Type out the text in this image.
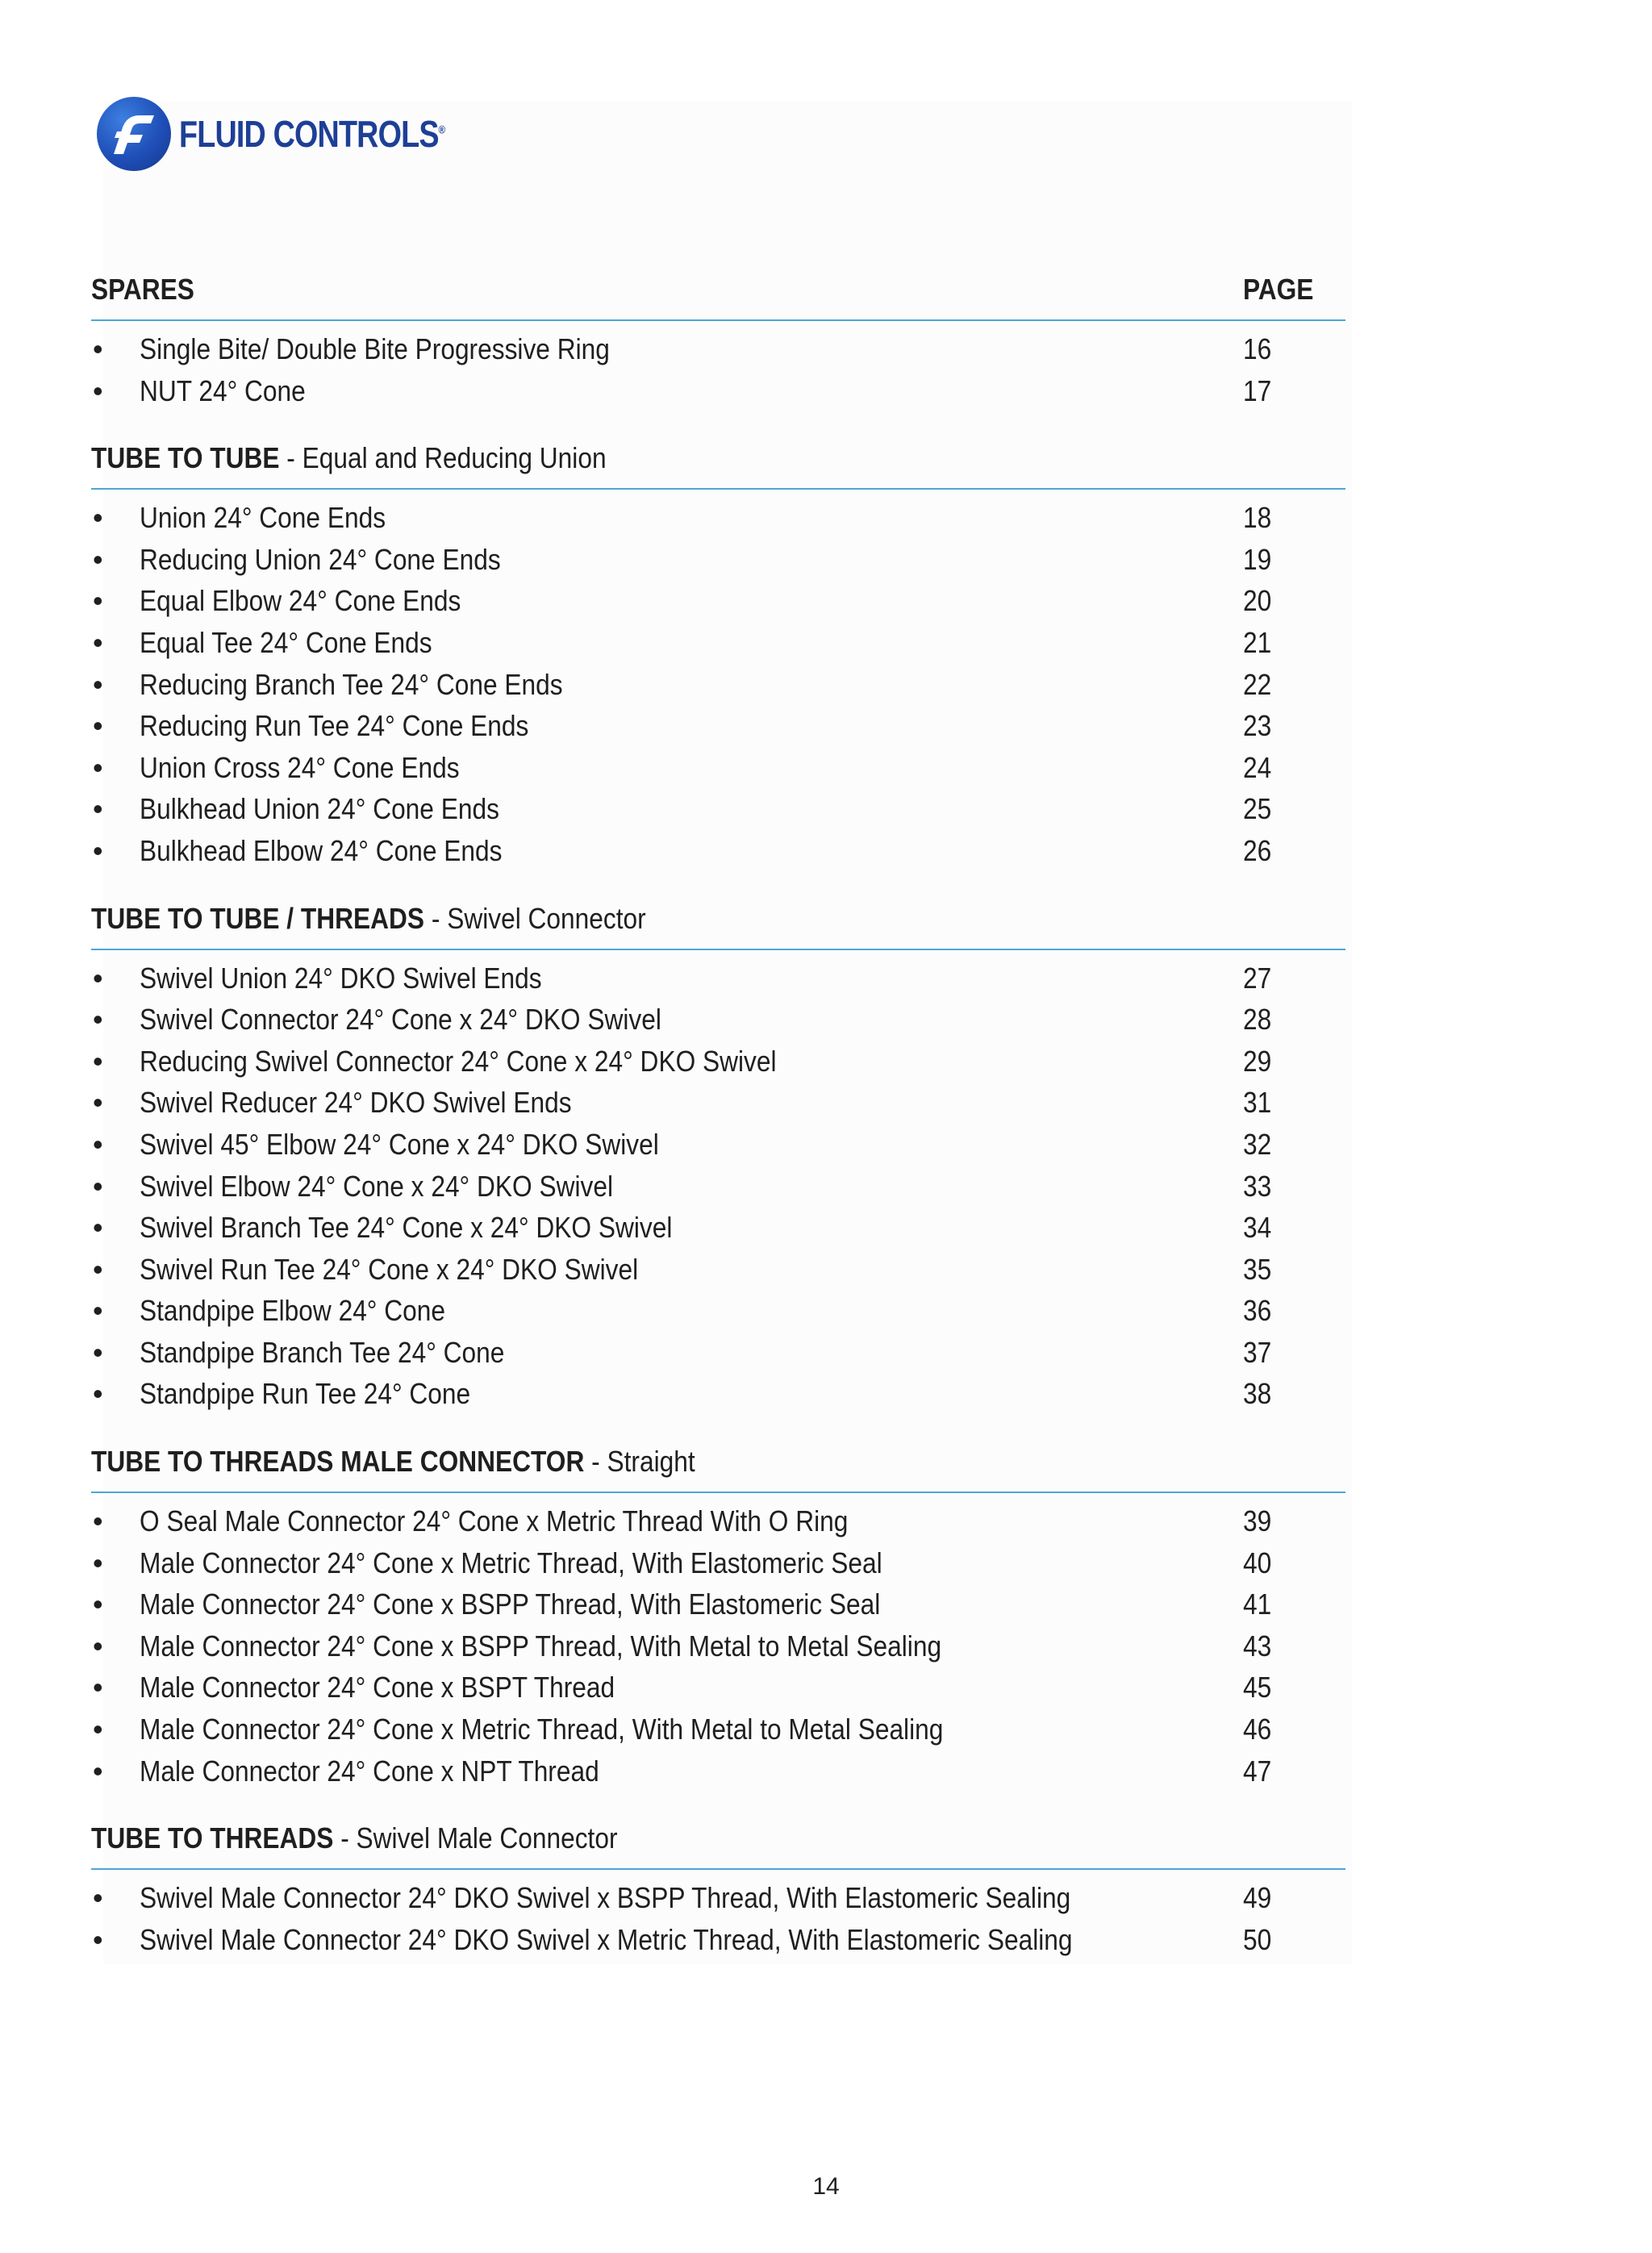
FLUID CONTROLS®
SPARES	PAGE
• Single Bite/ Double Bite Progressive Ring	16
• NUT 24° Cone	17
TUBE TO TUBE - Equal and Reducing Union
• Union 24° Cone Ends	18
• Reducing Union 24° Cone Ends	19
• Equal Elbow 24° Cone Ends	20
• Equal Tee 24° Cone Ends	21
• Reducing Branch Tee 24° Cone Ends	22
• Reducing Run Tee 24° Cone Ends	23
• Union Cross 24° Cone Ends	24
• Bulkhead Union 24° Cone Ends	25
• Bulkhead Elbow 24° Cone Ends	26
TUBE TO TUBE / THREADS - Swivel Connector
• Swivel Union 24° DKO Swivel Ends	27
• Swivel Connector 24° Cone x 24° DKO Swivel	28
• Reducing Swivel Connector 24° Cone x 24° DKO Swivel	29
• Swivel Reducer 24° DKO Swivel Ends	31
• Swivel 45° Elbow 24° Cone x 24° DKO Swivel	32
• Swivel Elbow 24° Cone x 24° DKO Swivel	33
• Swivel Branch Tee 24° Cone x 24° DKO Swivel	34
• Swivel Run Tee 24° Cone x 24° DKO Swivel	35
• Standpipe Elbow 24° Cone	36
• Standpipe Branch Tee 24° Cone	37
• Standpipe Run Tee 24° Cone	38
TUBE TO THREADS MALE CONNECTOR - Straight
• O Seal Male Connector 24° Cone x Metric Thread With O Ring	39
• Male Connector 24° Cone x Metric Thread, With Elastomeric Seal	40
• Male Connector 24° Cone x BSPP Thread, With Elastomeric Seal	41
• Male Connector 24° Cone x BSPP Thread, With Metal to Metal Sealing	43
• Male Connector 24° Cone x BSPT Thread	45
• Male Connector 24° Cone x Metric Thread, With Metal to Metal Sealing	46
• Male Connector 24° Cone x NPT Thread	47
TUBE TO THREADS - Swivel Male Connector
• Swivel Male Connector 24° DKO Swivel x BSPP Thread, With Elastomeric Sealing	49
• Swivel Male Connector 24° DKO Swivel x Metric Thread, With Elastomeric Sealing	50
14
